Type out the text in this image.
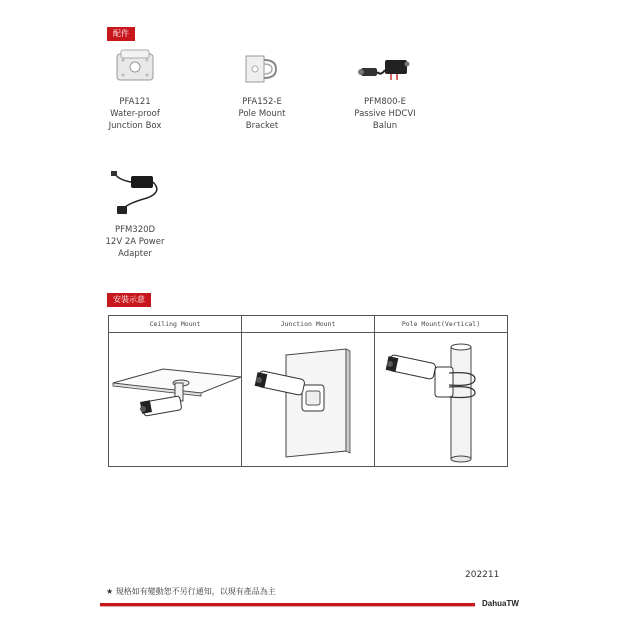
配件
PFA121
Water-proof
Junction Box
PFA152-E
Pole Mount
Bracket
PFM800-E
Passive HDCVI
Balun
PFM320D
12V 2A Power
Adapter
安裝示意
Ceiling Mount	Junction Mount	Pole Mount(Vertical)
202211
★ 規格如有變動恕不另行通知，以現有產品為主
DahuaTW
